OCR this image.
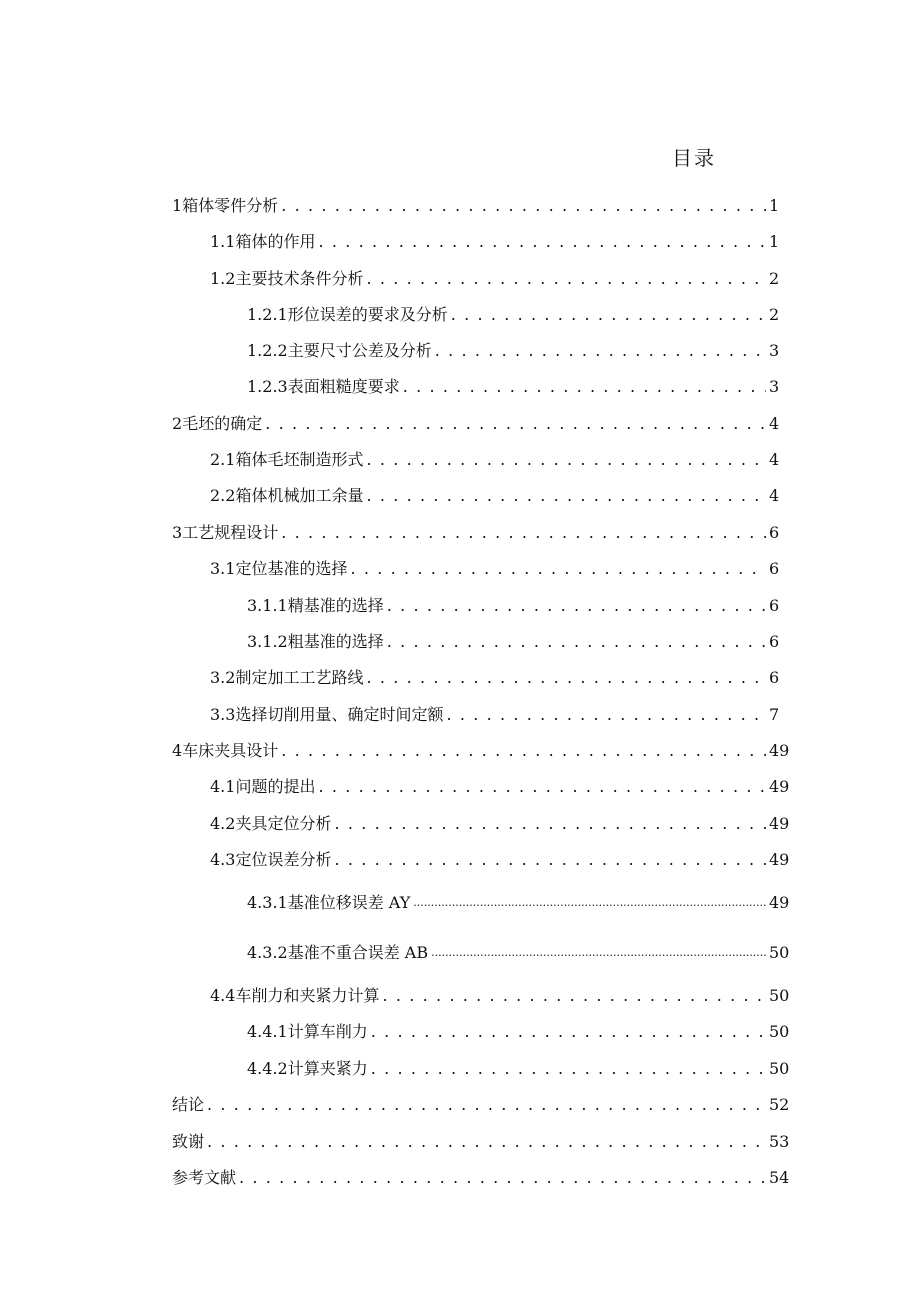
目录
1 箱体零件分析 . . .	1
1.1 箱体的作用 . . .	1
1.2 主要技术条件分析 . . .	2
1.2.1 形位误差的要求及分析 . . .	2
1.2.2 主要尺寸公差及分析 . . .	3
1.2.3 表面粗糙度要求 . . .	3
2 毛坯的确定 . . .	4
2.1 箱体毛坯制造形式 . . .	4
2.2 箱体机械加工余量 . . .	4
3 工艺规程设计 . . .	6
3.1 定位基准的选择 . . .	6
3.1.1 精基准的选择 . . .	6
3.1.2 粗基准的选择 . . .	6
3.2 制定加工工艺路线 . . .	6
3.3 选择切削用量、确定时间定额 . . .	7
4 车床夹具设计 . . .	49
4.1 问题的提出 . . .	49
4.2 夹具定位分析 . . .	49
4.3 定位误差分析 . . .	49
4.3.1 基准位移误差 AY .....	49
4.3.2 基准不重合误差 AB .....	50
4.4 车削力和夹紧力计算 . . .	50
4.4.1 计算车削力 . . .	50
4.4.2 计算夹紧力 . . .	50
结论 . . .	52
致谢 . . .	53
参考文献 . . .	54
